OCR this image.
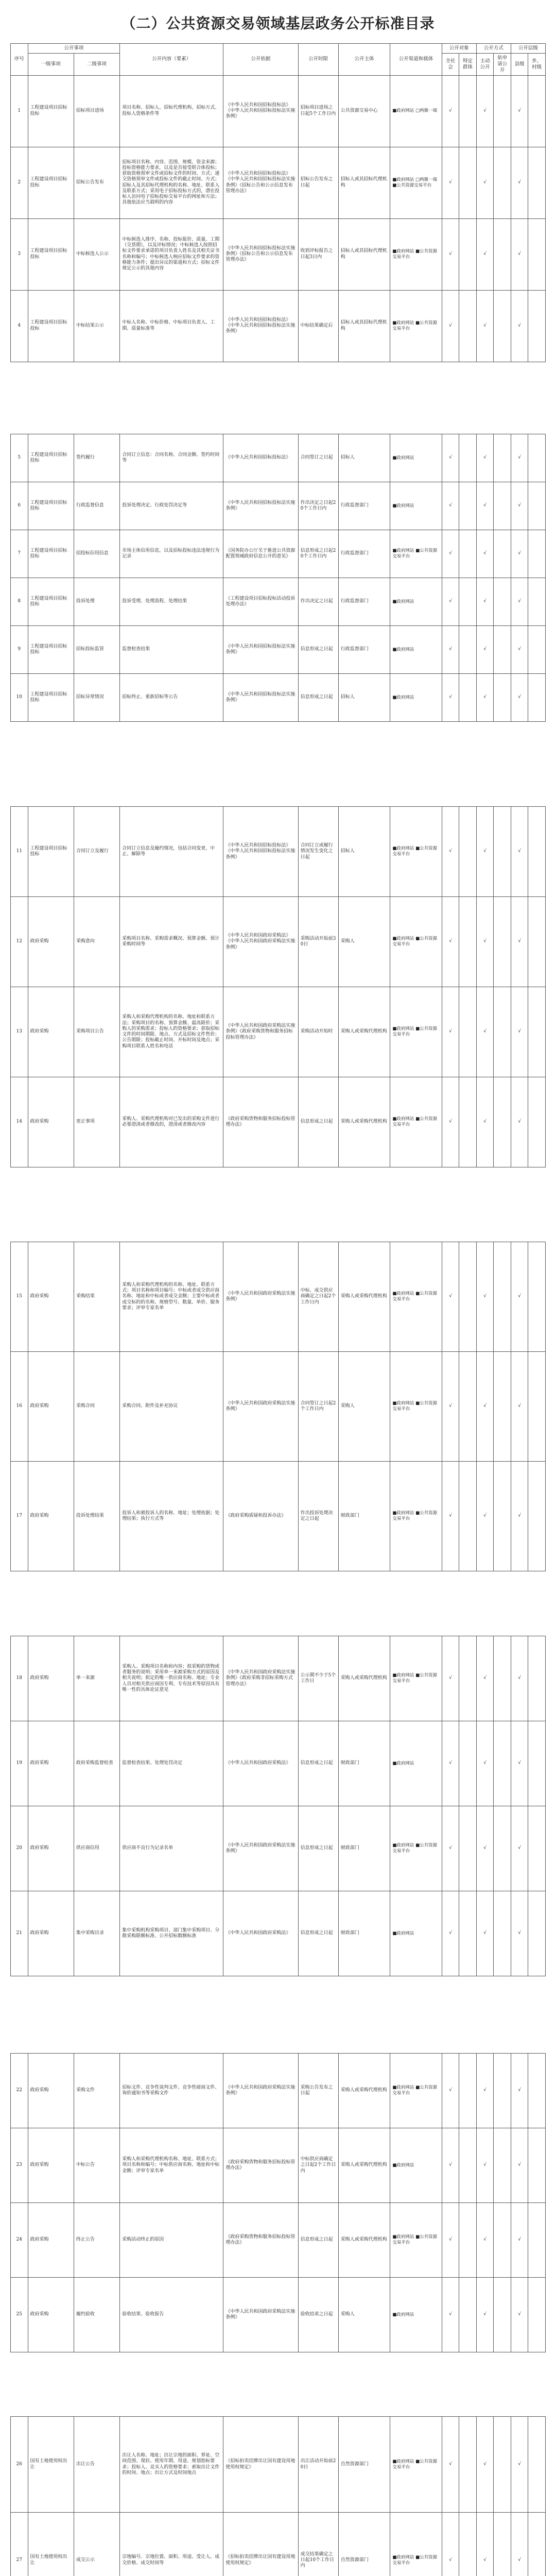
（二）公共资源交易领域基层政务公开标准目录
序号	公开事项		公开内容（要素）	公开依据	公开时限	公开主体	公开渠道和载体	公开对象		公开方式		公开层级	
	一级事项	二级事项						全社会	特定群体	主动公开	依申请公开	县级	乡、村级
1	工程建设项目招标投标	招标项目进场	项目名称、招标人、招标代理机构、招标方式、投标人资格条件等	《中华人民共和国招标投标法》《中华人民共和国招标投标法实施条例》	招标项目进场之日起5个工作日内	公共资源交易中心	■政府网站 □两微一端	√		√		√	
2	工程建设项目招标投标	招标公告发布	招标项目名称、内容、范围、规模、资金来源；投标资格能力要求，以及是否接受联合体投标；获取资格预审文件或招标文件的时间、方式；递交资格预审文件或投标文件的截止时间、方式；招标人及其招标代理机构的名称、地址、联系人及联系方式；采用电子招标投标方式的，潜在投标人访问电子招标投标交易平台的网址和方法；其他依法应当载明的内容	《中华人民共和国招标投标法》《中华人民共和国招标投标法实施条例》《招标公告和公示信息发布管理办法》	招标公告发布之日起	招标人或其招标代理机构	■政府网站 □两微一端 ■公共资源交易平台	√		√		√	
3	工程建设项目招标投标	中标候选人公示	中标候选人排序、名称、投标报价、质量、工期（交货期），以及评标情况；中标候选人按照招标文件要求承诺的项目负责人姓名及其相关证书名称和编号；中标候选人响应招标文件要求的资格能力条件；提出异议的渠道和方式；招标文件规定公示的其他内容	《中华人民共和国招标投标法实施条例》《招标公告和公示信息发布管理办法》	收到评标报告之日起3日内	招标人或其招标代理机构	■政府网站 ■公共资源交易平台	√		√		√	
4	工程建设项目招标投标	中标结果公示	中标人名称、中标价格、中标项目负责人、工期、质量标准等	《中华人民共和国招标投标法》《中华人民共和国招标投标法实施条例》	中标结果确定后	招标人或其招标代理机构	■政府网站 ■公共资源交易平台	√		√		√	
5	工程建设项目招标投标	签约履行	合同订立信息：合同名称、合同金额、签约时间等	《中华人民共和国招标投标法》	合同签订之日起	招标人	■政府网站	√		√		√	
6	工程建设项目招标投标	行政监督信息	投诉处理决定、行政处罚决定等	《中华人民共和国招标投标法实施条例》	作出决定之日起20个工作日内	行政监督部门	■政府网站	√		√		√	
7	工程建设项目招标投标	招投标信用信息	市场主体信用信息，以及招标投标违法违规行为记录	《国务院办公厅关于推进公共资源配置领域政府信息公开的意见》	信息形成之日起20个工作日内	行政监督部门	■政府网站 ■公共资源交易平台	√		√		√	
8	工程建设项目招标投标	投诉处理	投诉受理、处理流程、处理结果	《工程建设项目招标投标活动投诉处理办法》	作出决定之日起	行政监督部门	■政府网站	√		√		√	
9	工程建设项目招标投标	招标投标监管	监督检查结果	《中华人民共和国招标投标法实施条例》	信息形成之日起	行政监督部门	■政府网站	√		√		√	
10	工程建设项目招标投标	招标异常情况	招标终止、重新招标等公告	《中华人民共和国招标投标法实施条例》	信息形成之日起	招标人	■政府网站	√		√		√	
11	工程建设项目招标投标	合同订立及履行	合同订立信息及履约情况，包括合同变更、中止、解除等	《中华人民共和国招标投标法》《中华人民共和国招标投标法实施条例》	合同订立或履行情况发生变化之日起	招标人	■政府网站 ■公共资源交易平台	√		√		√	
12	政府采购	采购意向	采购项目名称、采购需求概况、预算金额、预计采购时间等	《中华人民共和国政府采购法》《中华人民共和国政府采购法实施条例》	采购活动开始前30日	采购人	■政府网站 ■公共资源交易平台	√		√		√	
13	政府采购	采购项目公告	采购人和采购代理机构的名称、地址和联系方法；采购项目的名称、预算金额、最高限价；采购人的采购需求；投标人的资格要求；获取招标文件的时间期限、地点、方式及招标文件售价；公告期限；投标截止时间、开标时间及地点；采购项目联系人姓名和电话	《中华人民共和国政府采购法实施条例》《政府采购货物和服务招标投标管理办法》	采购活动开始时	采购人或采购代理机构	■政府网站 ■公共资源交易平台	√		√		√	
14	政府采购	更正事项	采购人、采购代理机构对已发出的采购文件进行必要澄清或者修改的，澄清或者修改内容	《政府采购货物和服务招标投标管理办法》	信息形成之日起	采购人或采购代理机构	■政府网站 ■公共资源交易平台	√		√		√	
15	政府采购	采购结果	采购人和采购代理机构的名称、地址、联系方式；项目名称和项目编号；中标或者成交供应商名称、地址和中标或者成交金额；主要中标或者成交标的的名称、规格型号、数量、单价、服务要求；评审专家名单	《中华人民共和国政府采购法实施条例》	中标、成交供应商确定之日起2个工作日内	采购人或采购代理机构	■政府网站 ■公共资源交易平台	√		√		√	
16	政府采购	采购合同	采购合同、附件及补充协议	《中华人民共和国政府采购法实施条例》	合同签订之日起2个工作日内	采购人	■政府网站 ■公共资源交易平台	√		√		√	
17	政府采购	投诉处理结果	投诉人和被投诉人的名称、地址；处理依据；处理结果；执行方式等	《政府采购质疑和投诉办法》	作出投诉处理决定之日起	财政部门	■政府网站 ■公共资源交易平台	√		√		√	
18	政府采购	单一来源	采购人、采购项目名称和内容；拟采购的货物或者服务的说明；采用单一来源采购方式的原因及相关说明；拟定的唯一供应商名称、地址；专业人员对相关供应商因专利、专有技术等原因具有唯一性的具体论证意见	《中华人民共和国政府采购法实施条例》《政府采购非招标采购方式管理办法》	公示期不少于5个工作日	采购人或采购代理机构	■政府网站 ■公共资源交易平台	√		√		√	
19	政府采购	政府采购监督检查	监督检查结果、处理处罚决定	《中华人民共和国政府采购法》	信息形成之日起	财政部门	■政府网站	√		√		√	
20	政府采购	供应商信用	供应商不良行为记录名单	《中华人民共和国政府采购法实施条例》	信息形成之日起	财政部门	■政府网站 ■公共资源交易平台	√		√		√	
21	政府采购	集中采购目录	集中采购机构采购项目、部门集中采购项目、分散采购限额标准、公开招标数额标准	《中华人民共和国政府采购法》	信息形成之日起	财政部门	■政府网站	√		√		√	
22	政府采购	采购文件	招标文件、竞争性谈判文件、竞争性磋商文件、询价通知书等采购文件	《中华人民共和国政府采购法实施条例》	采购公告发布之日起	采购人或采购代理机构	■政府网站 ■公共资源交易平台	√		√		√	
23	政府采购	中标公告	采购人和采购代理机构名称、地址、联系方式；项目名称和编号；中标供应商名称、地址和中标金额；评审专家名单	《政府采购货物和服务招标投标管理办法》	中标供应商确定之日起2个工作日内	采购人或采购代理机构	■政府网站	√		√		√	
24	政府采购	终止公告	采购活动终止的原因	《政府采购货物和服务招标投标管理办法》	信息形成之日起	采购人或采购代理机构	■政府网站 ■公共资源交易平台	√		√		√	
25	政府采购	履约验收	验收结果、验收报告	《中华人民共和国政府采购法实施条例》	验收结束之日起	采购人	■政府网站	√		√		√	
26	国有土地使用权出让	出让公告	出让人名称、地址；出让宗地的面积、界址、空间范围、现状、使用年期、用途、规划指标要求；投标人、竞买人的资格要求；索取出让文件的时间、地点；出让方式及时间地点	《招标拍卖挂牌出让国有建设用地使用权规定》	出让活动开始前20日	自然资源部门	■政府网站 ■公共资源交易平台	√		√		√	
27	国有土地使用权出让	成交公示	宗地编号、宗地位置、面积、用途、受让人、成交价格、成交时间等	《招标拍卖挂牌出让国有建设用地使用权规定》	成交结果确定之日起10个工作日内	自然资源部门	■政府网站 ■公共资源交易平台	√		√		√	
